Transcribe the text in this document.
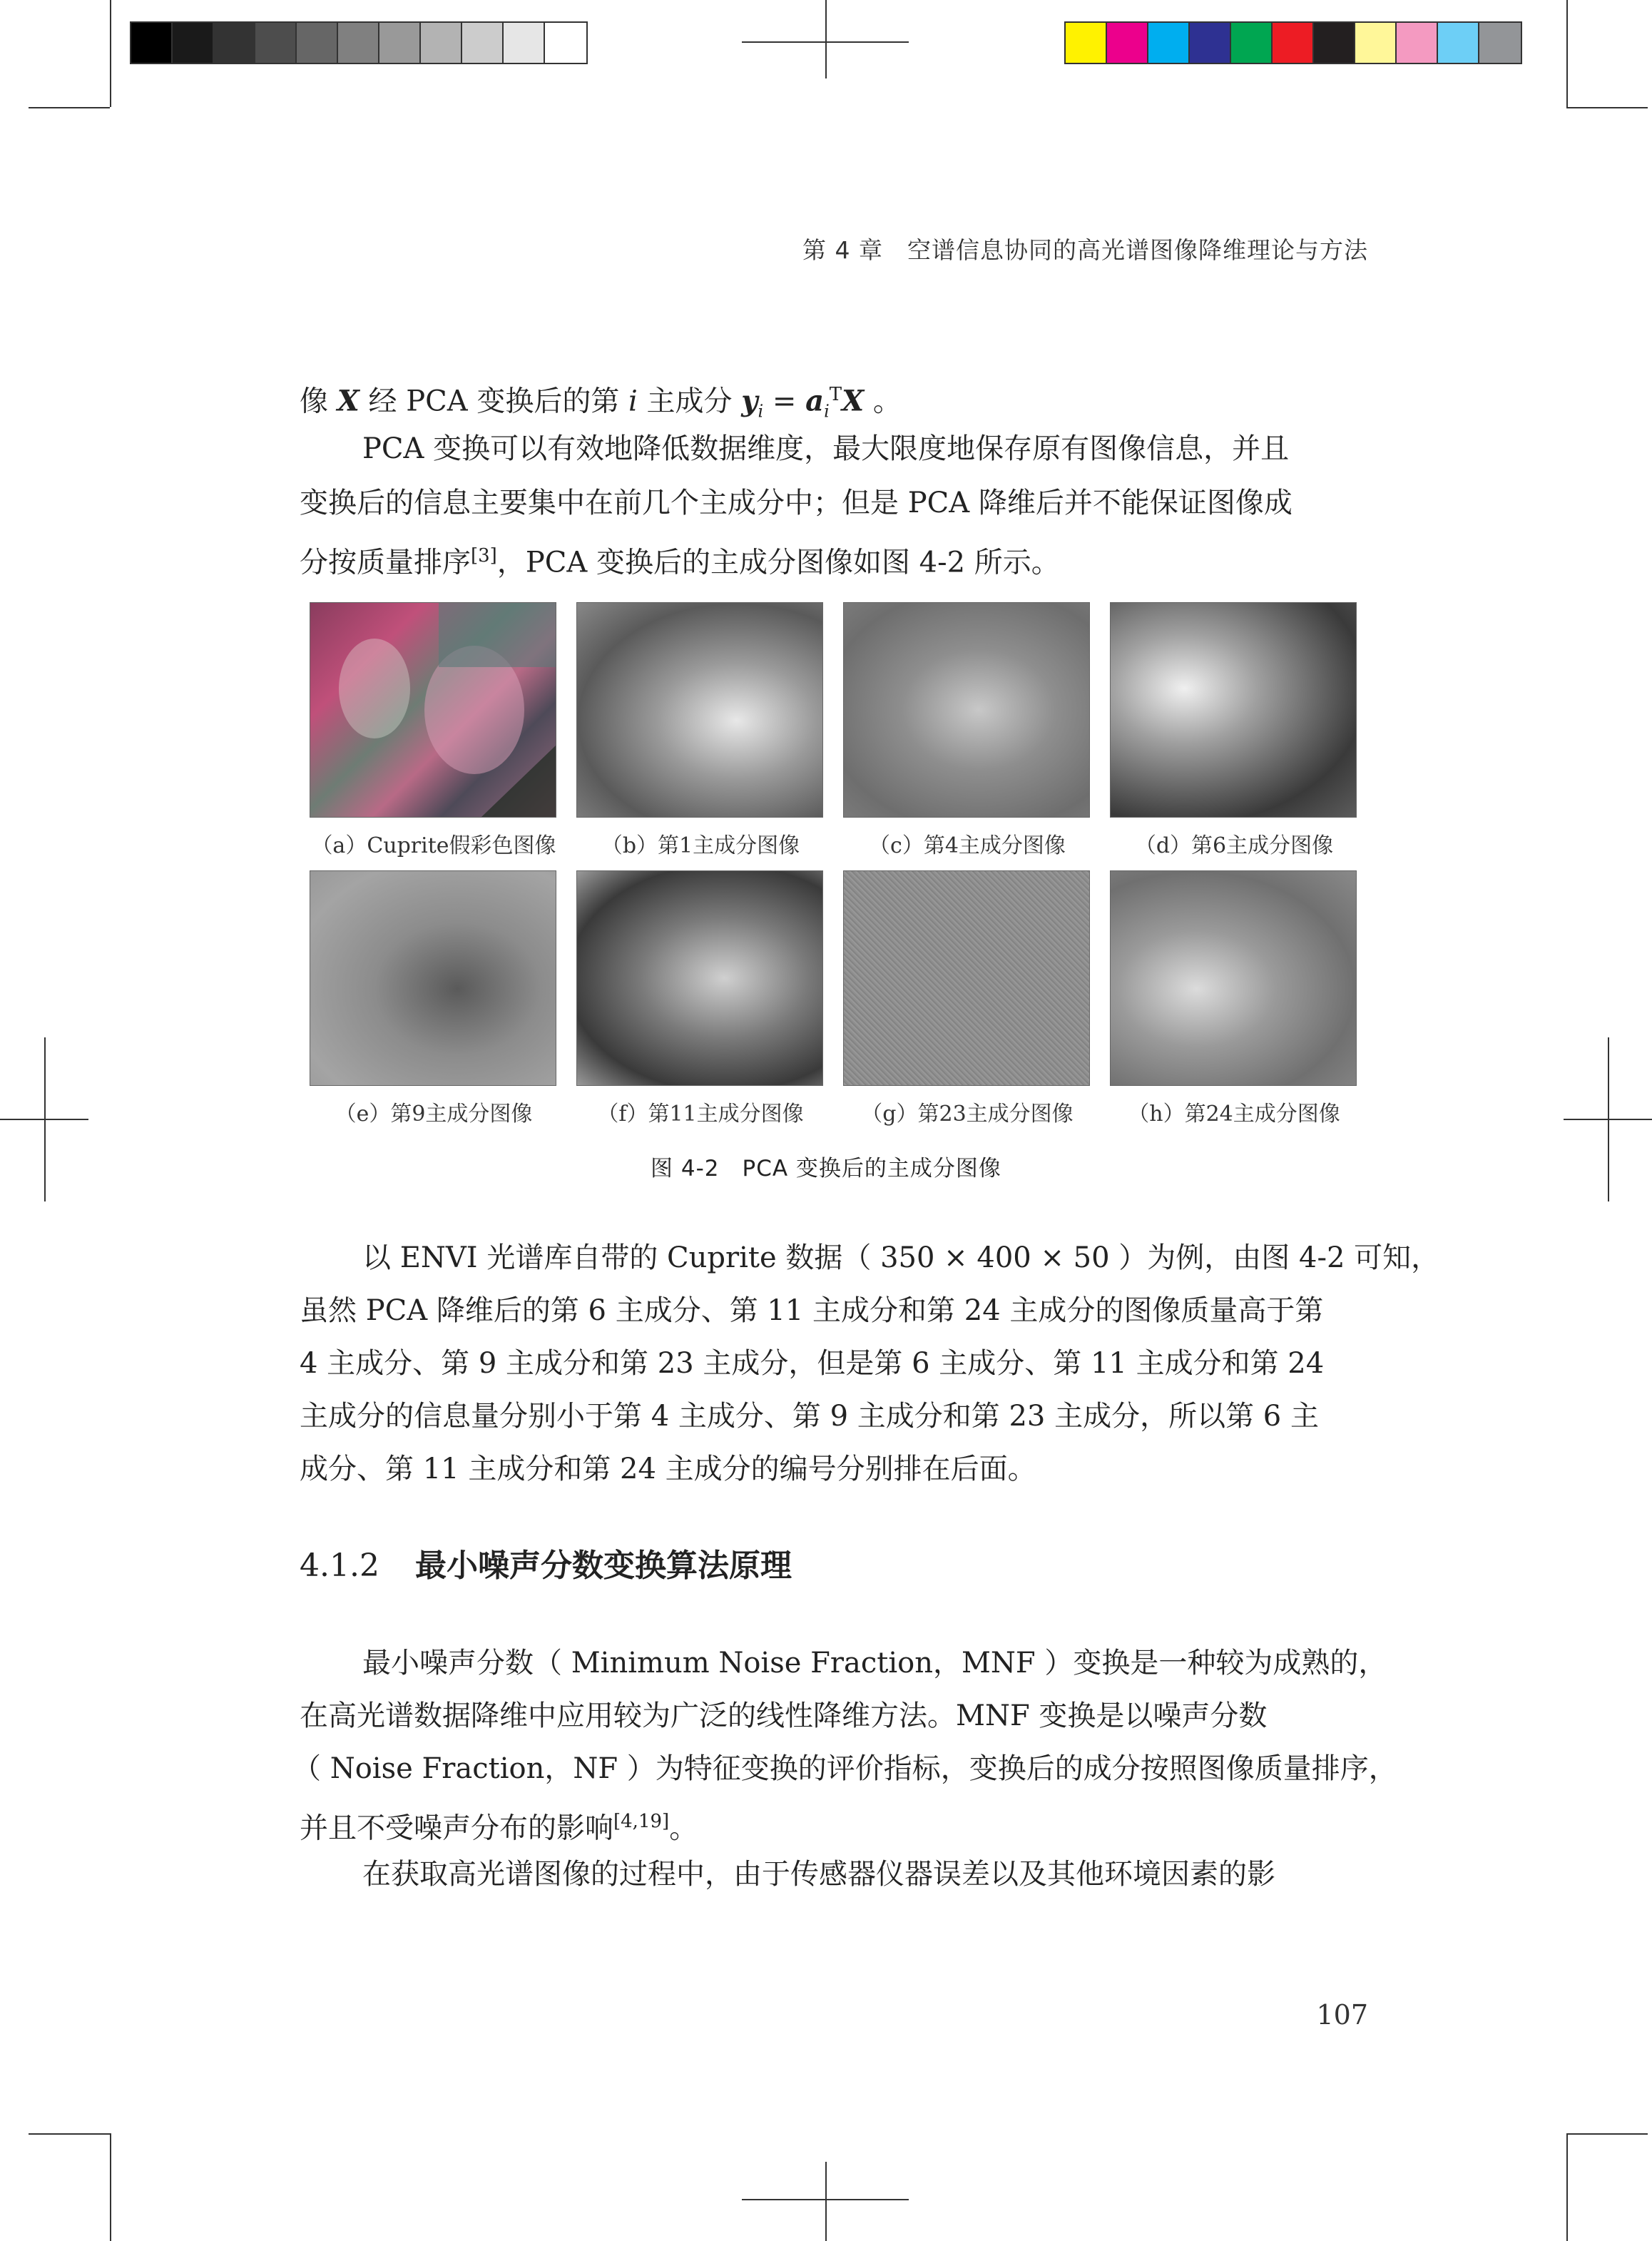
第 4 章　空谱信息协同的高光谱图像降维理论与方法
像 X 经 PCA 变换后的第 i 主成分 $y_i = a_i^TX$ 。
PCA 变换可以有效地降低数据维度，最大限度地保存原有图像信息，并且
变换后的信息主要集中在前几个主成分中；但是 PCA 降维后并不能保证图像成
分按质量排序[3]，PCA 变换后的主成分图像如图 4-2 所示。
（a）Cuprite假彩色图像	（b）第1主成分图像	（c）第4主成分图像	（d）第6主成分图像
（e）第9主成分图像	（f）第11主成分图像	（g）第23主成分图像	（h）第24主成分图像
图 4-2　PCA 变换后的主成分图像
以 ENVI 光谱库自带的 Cuprite 数据（ 350 × 400 × 50 ）为例，由图 4-2 可知，
虽然 PCA 降维后的第 6 主成分、第 11 主成分和第 24 主成分的图像质量高于第
4 主成分、第 9 主成分和第 23 主成分，但是第 6 主成分、第 11 主成分和第 24
主成分的信息量分别小于第 4 主成分、第 9 主成分和第 23 主成分，所以第 6 主
成分、第 11 主成分和第 24 主成分的编号分别排在后面。
4.1.2 最小噪声分数变换算法原理
最小噪声分数（ Minimum Noise Fraction，MNF ）变换是一种较为成熟的，
在高光谱数据降维中应用较为广泛的线性降维方法。MNF 变换是以噪声分数
（ Noise Fraction，NF ）为特征变换的评价指标，变换后的成分按照图像质量排序，
并且不受噪声分布的影响[4,19]。
在获取高光谱图像的过程中，由于传感器仪器误差以及其他环境因素的影
107
